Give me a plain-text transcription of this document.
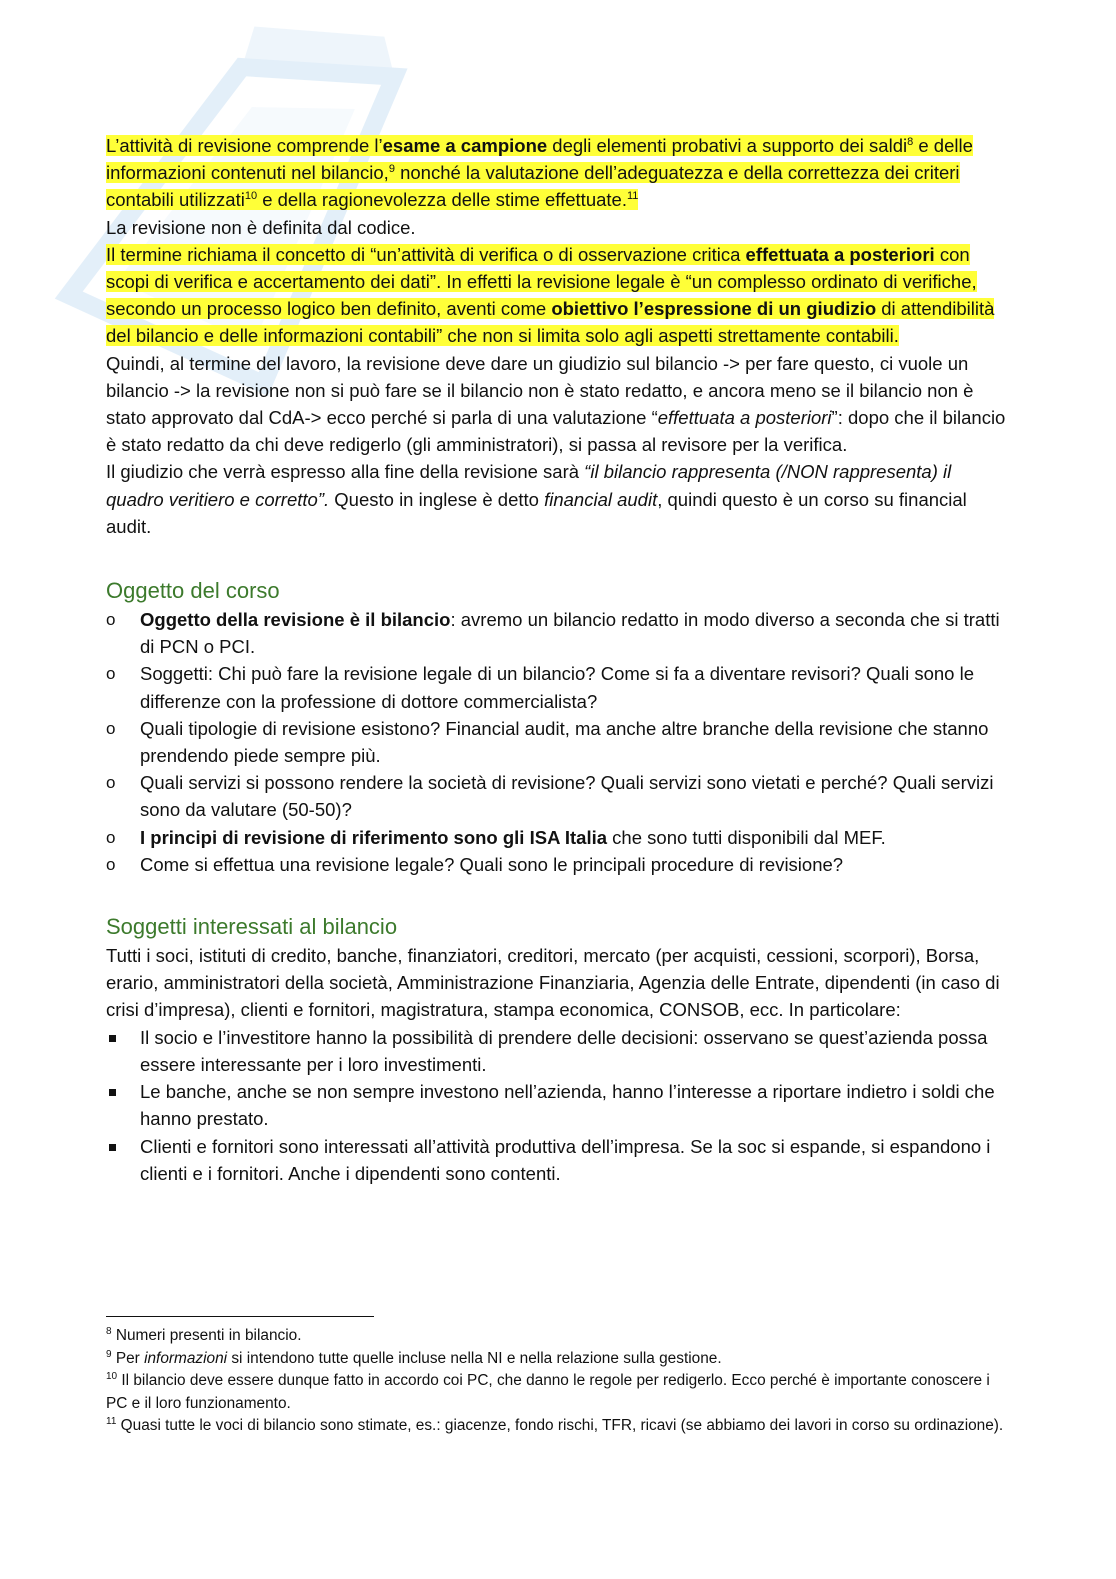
L’attività di revisione comprende l’esame a campione degli elementi probativi a supporto dei saldi$^8$ e delle informazioni contenuti nel bilancio,$^9$ nonché la valutazione dell’adeguatezza e della correttezza dei criteri contabili utilizzati$^{10}$ e della ragionevolezza delle stime effettuate.$^{11}$

La revisione non è definita dal codice.

Il termine richiama il concetto di “un’attività di verifica o di osservazione critica effettuata a posteriori con scopi di verifica e accertamento dei dati”. In effetti la revisione legale è “un complesso ordinato di verifiche, secondo un processo logico ben definito, aventi come obiettivo l’espressione di un giudizio di attendibilità del bilancio e delle informazioni contabili” che non si limita solo agli aspetti strettamente contabili.

Quindi, al termine del lavoro, la revisione deve dare un giudizio sul bilancio -> per fare questo, ci vuole un bilancio -> la revisione non si può fare se il bilancio non è stato redatto, e ancora meno se il bilancio non è stato approvato dal CdA-> ecco perché si parla di una valutazione “effettuata a posteriori”: dopo che il bilancio è stato redatto da chi deve redigerlo (gli amministratori), si passa al revisore per la verifica.

Il giudizio che verrà espresso alla fine della revisione sarà “il bilancio rappresenta (/NON rappresenta) il quadro veritiero e corretto”. Questo in inglese è detto financial audit, quindi questo è un corso su financial audit.

Oggetto del corso
o Oggetto della revisione è il bilancio: avremo un bilancio redatto in modo diverso a seconda che si tratti di PCN o PCI.
o Soggetti: Chi può fare la revisione legale di un bilancio? Come si fa a diventare revisori? Quali sono le differenze con la professione di dottore commercialista?
o Quali tipologie di revisione esistono? Financial audit, ma anche altre branche della revisione che stanno prendendo piede sempre più.
o Quali servizi si possono rendere la società di revisione? Quali servizi sono vietati e perché? Quali servizi sono da valutare (50-50)?
o I principi di revisione di riferimento sono gli ISA Italia che sono tutti disponibili dal MEF.
o Come si effettua una revisione legale? Quali sono le principali procedure di revisione?
Soggetti interessati al bilancio

Tutti i soci, istituti di credito, banche, finanziatori, creditori, mercato (per acquisti, cessioni, scorpori), Borsa, erario, amministratori della società, Amministrazione Finanziaria, Agenzia delle Entrate, dipendenti (in caso di crisi d’impresa), clienti e fornitori, magistratura, stampa economica, CONSOB, ecc. In particolare:

Il socio e l’investitore hanno la possibilità di prendere delle decisioni: osservano se quest’azienda possa essere interessante per i loro investimenti.
Le banche, anche se non sempre investono nell’azienda, hanno l’interesse a riportare indietro i soldi che hanno prestato.
Clienti e fornitori sono interessati all’attività produttiva dell’impresa. Se la soc si espande, si espandono i clienti e i fornitori. Anche i dipendenti sono contenti.

$^8$ Numeri presenti in bilancio.

$^9$ Per informazioni si intendono tutte quelle incluse nella NI e nella relazione sulla gestione.

$^{10}$ Il bilancio deve essere dunque fatto in accordo coi PC, che danno le regole per redigerlo. Ecco perché è importante conoscere i PC e il loro funzionamento.

$^{11}$ Quasi tutte le voci di bilancio sono stimate, es.: giacenze, fondo rischi, TFR, ricavi (se abbiamo dei lavori in corso su ordinazione).
